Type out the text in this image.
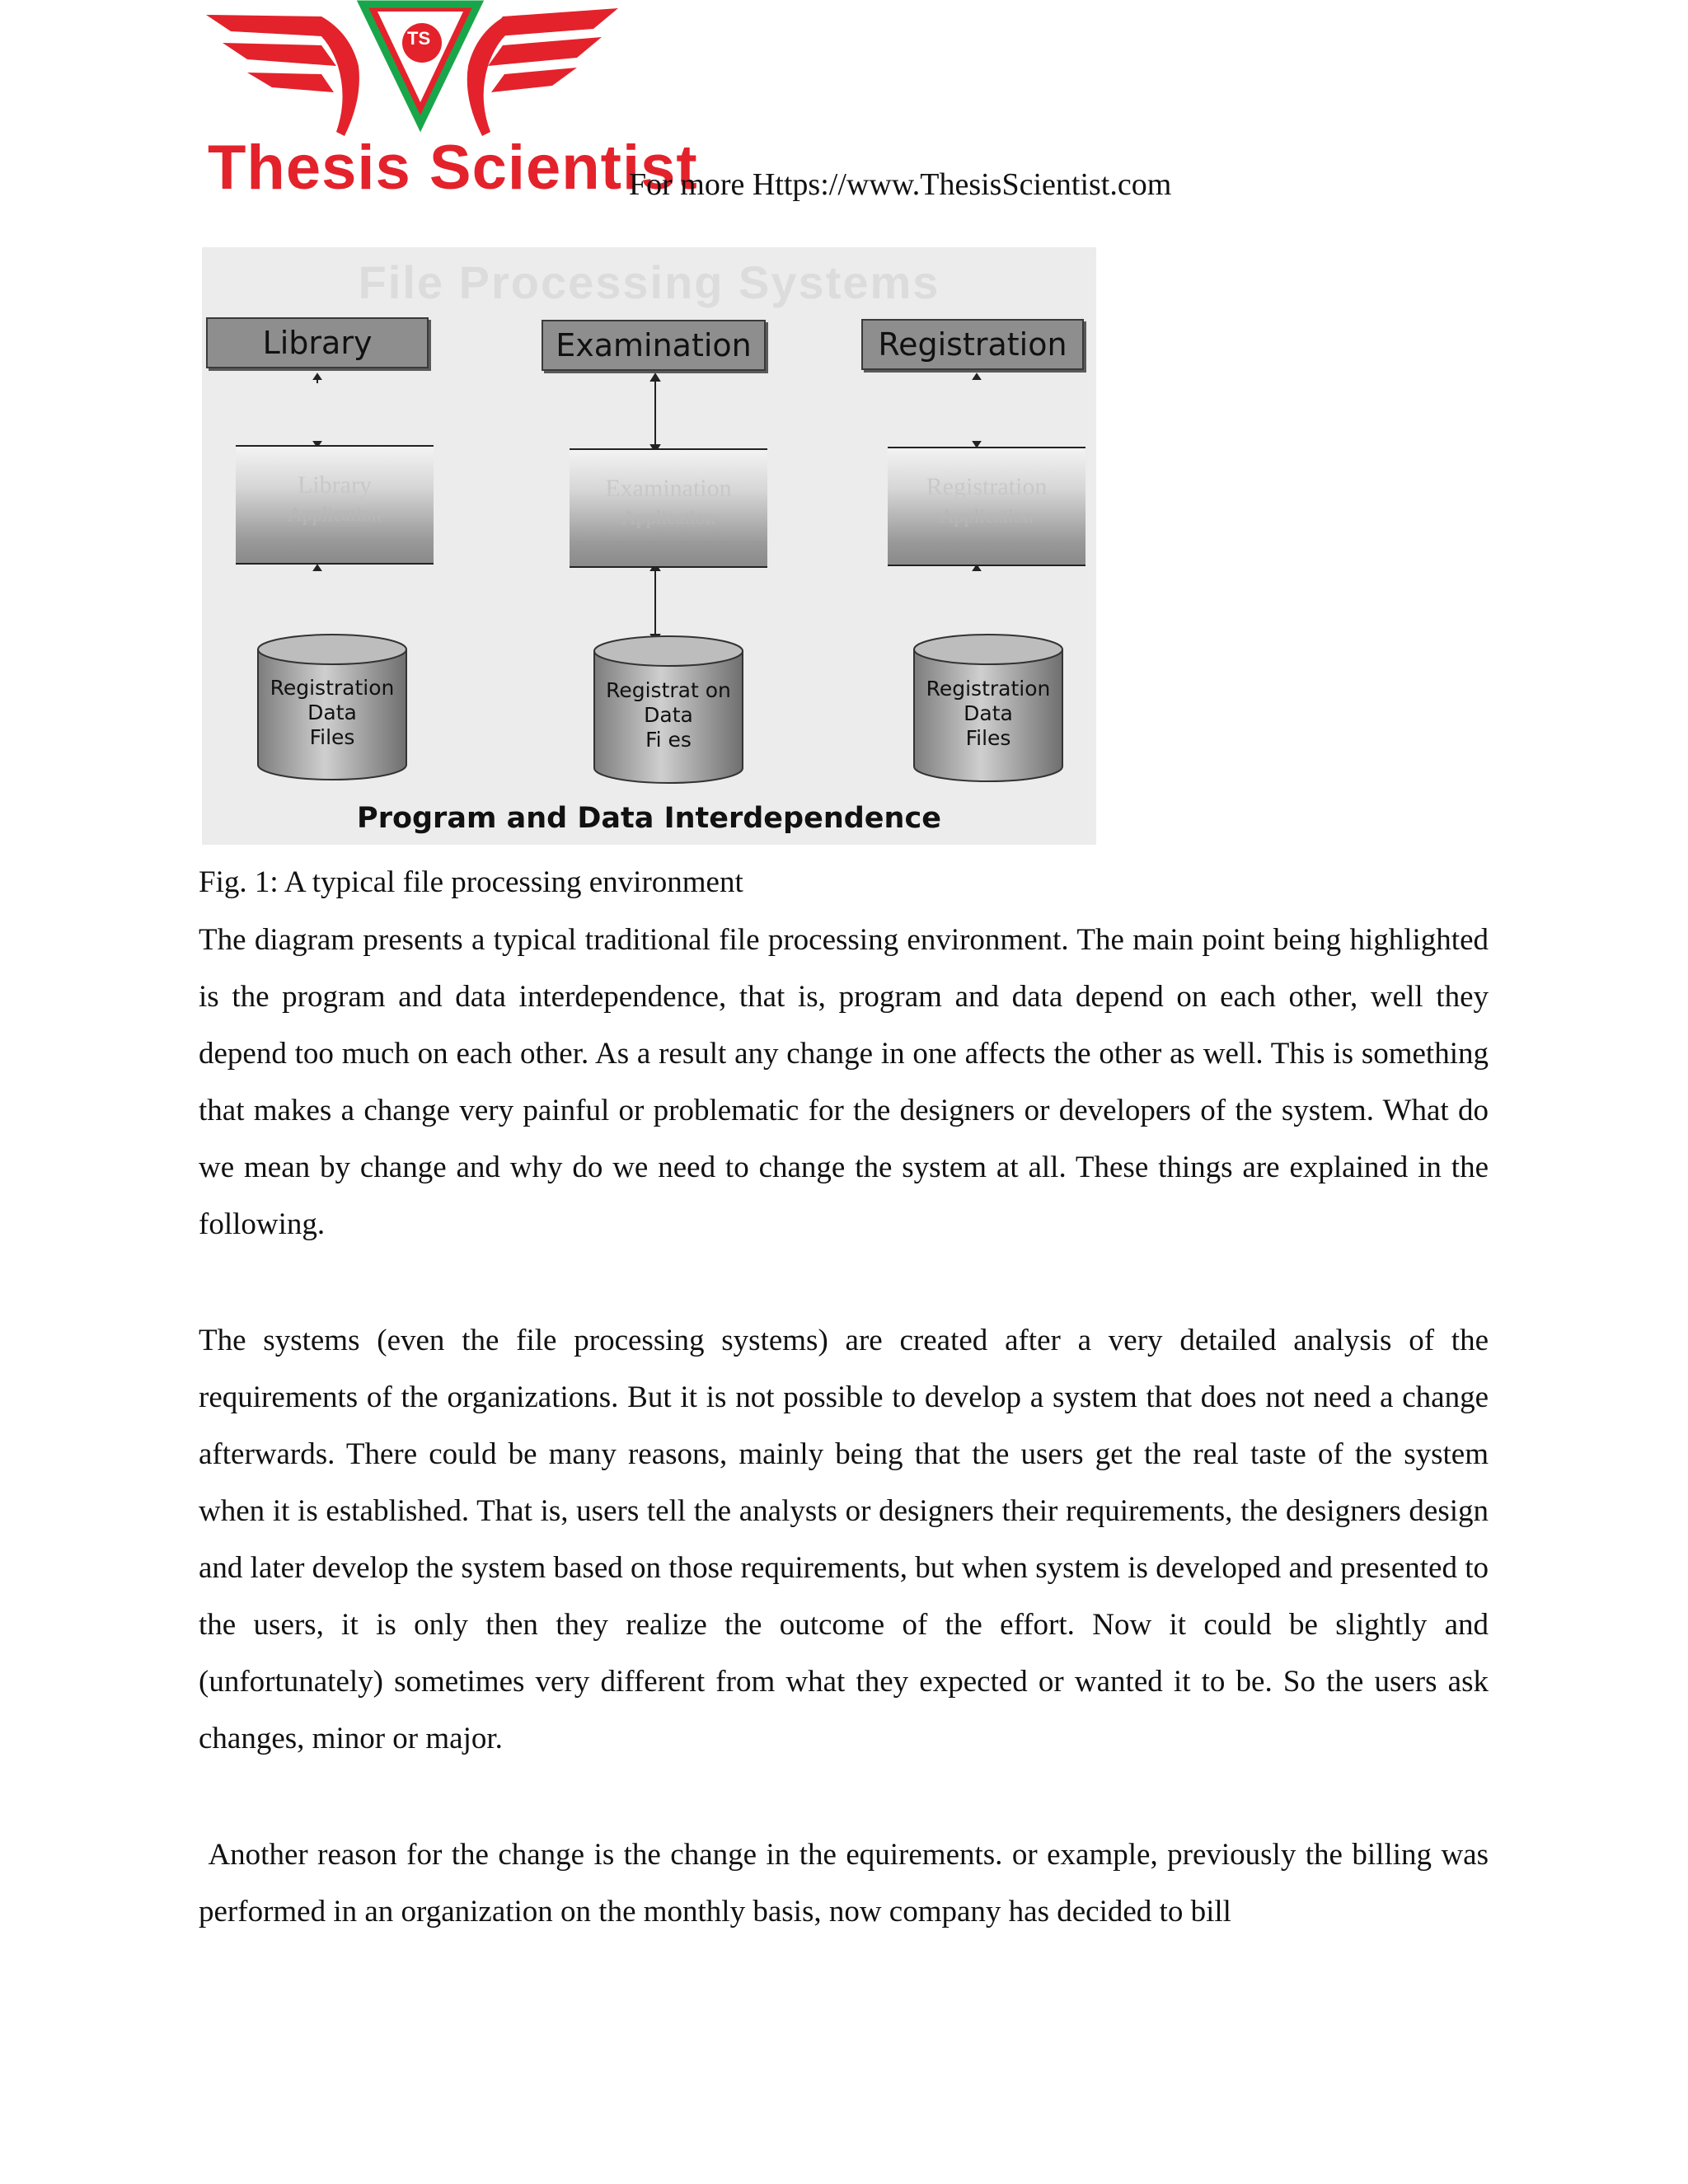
TS
Thesis Scientist
For more Https://www.ThesisScientist.com
File Processing Systems
Library	Examination	Registration
Library
Application
Examination
Application
Registration
Application
Registration
Data
Files
Registrat on
Data
Fi es
Registration
Data
Files
Program and Data Interdependence
Fig. 1: A typical file processing environment

The diagram presents a typical traditional file processing environment. The main point being highlighted is the program and data interdependence, that is, program and data depend on each other, well they depend too much on each other. As a result any change in one affects the other as well. This is something that makes a change very painful or problematic for the designers or developers of the system. What do we mean by change and why do we need to change the system at all. These things are explained in the following.

The systems (even the file processing systems) are created after a very detailed analysis of the requirements of the organizations. But it is not possible to develop a system that does not need a change afterwards. There could be many reasons, mainly being that the users get the real taste of the system when it is established. That is, users tell the analysts or designers their requirements, the designers design and later develop the system based on those requirements, but when system is developed and presented to the users, it is only then they realize the outcome of the effort. Now it could be slightly and (unfortunately) sometimes very different from what they expected or wanted it to be. So the users ask changes, minor or major.

Another reason for the change is the change in the equirements. or example, previously the billing was performed in an organization on the monthly basis, now company has decided to bill
